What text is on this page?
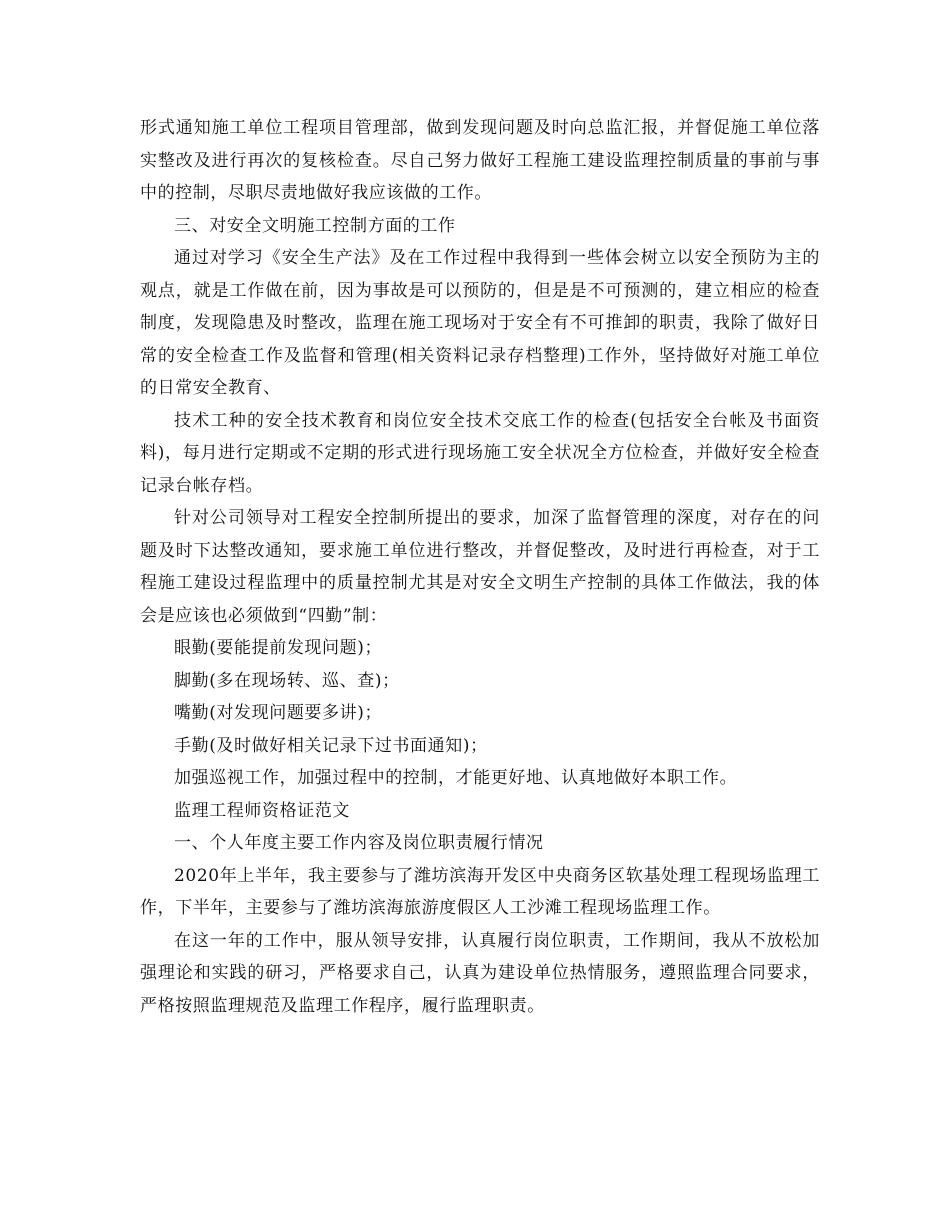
形式通知施工单位工程项目管理部，做到发现问题及时向总监汇报，并督促施工单位落实整改及进行再次的复核检查。尽自己努力做好工程施工建设监理控制质量的事前与事中的控制，尽职尽责地做好我应该做的工作。

三、对安全文明施工控制方面的工作

通过对学习《安全生产法》及在工作过程中我得到一些体会树立以安全预防为主的观点，就是工作做在前，因为事故是可以预防的，但是是不可预测的，建立相应的检查制度，发现隐患及时整改，监理在施工现场对于安全有不可推卸的职责，我除了做好日常的安全检查工作及监督和管理(相关资料记录存档整理)工作外，坚持做好对施工单位的日常安全教育、

技术工种的安全技术教育和岗位安全技术交底工作的检查(包括安全台帐及书面资料)，每月进行定期或不定期的形式进行现场施工安全状况全方位检查，并做好安全检查记录台帐存档。

针对公司领导对工程安全控制所提出的要求，加深了监督管理的深度，对存在的问题及时下达整改通知，要求施工单位进行整改，并督促整改，及时进行再检查，对于工程施工建设过程监理中的质量控制尤其是对安全文明生产控制的具体工作做法，我的体会是应该也必须做到“四勤”制：

眼勤(要能提前发现问题)；

脚勤(多在现场转、巡、查)；

嘴勤(对发现问题要多讲)；

手勤(及时做好相关记录下过书面通知)；

加强巡视工作，加强过程中的控制，才能更好地、认真地做好本职工作。

监理工程师资格证范文

一、个人年度主要工作内容及岗位职责履行情况

2020年上半年，我主要参与了潍坊滨海开发区中央商务区软基处理工程现场监理工作，下半年，主要参与了潍坊滨海旅游度假区人工沙滩工程现场监理工作。

在这一年的工作中，服从领导安排，认真履行岗位职责，工作期间，我从不放松加强理论和实践的研习，严格要求自己，认真为建设单位热情服务，遵照监理合同要求，严格按照监理规范及监理工作程序，履行监理职责。
